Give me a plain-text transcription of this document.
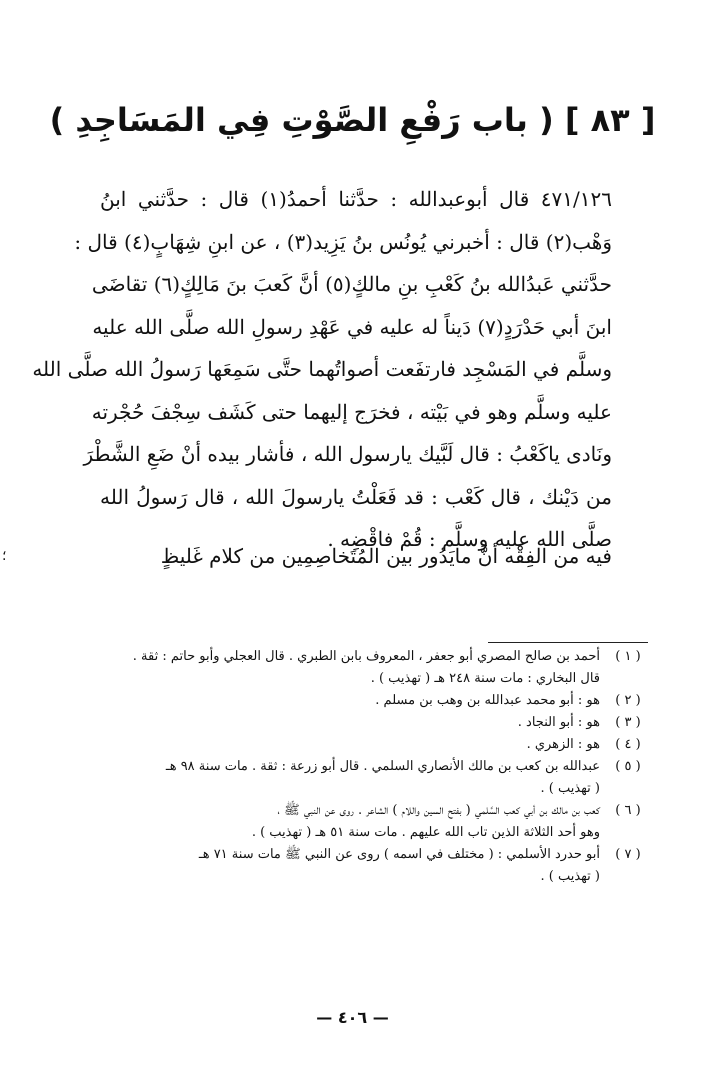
[ ٨٣ ] ( باب رَفْعِ الصَّوْتِ فِي المَسَاجِدِ )
٤٧١/١٢٦ قال أبوعبدالله : حدَّثنا أحمدُ(١) قال : حدَّثني ابنُ
وَهْب(٢) قال : أخبرني يُونُس بنُ يَزِيد(٣) ، عن ابنِ شِهَابٍ(٤) قال :
حدَّثني عَبدُالله بنُ كَعْبِ بنِ مالكٍ(٥) أنَّ كَعبَ بنَ مَالِكٍ(٦) تقاضَى
ابنَ أبي حَدْرَدٍ(٧) دَيناً له عليه في عَهْدِ رسولِ الله صلَّى الله عليه
وسلَّم في المَسْجِد فارتفَعت أصواتُهما حتَّى سَمِعَها رَسولُ الله صلَّى الله
عليه وسلَّم وهو في بَيْته ، فخرَج إليهما حتى كَشَف سِجْفَ حُجْرته
ونَادى ياكَعْبُ : قال لَبَّيك يارسول الله ، فأشار بيده أنْ ضَعِ الشَّطْرَ
من دَيْنك ، قال كَعْب : قد فَعَلْتُ يارسولَ الله ، قال رَسولُ الله
صلَّى الله عليه وسلَّم : قُمْ فاقْضِه .
فيه من الفِقْه أنَّ مايَدُور بين المُتَخاصِمِين من كلام غَليظٍ
؛
( ١ )
أحمد بن صالح المصري أبو جعفر ، المعروف بابن الطبري . قال العجلي وأبو حاتم : ثقة .
قال البخاري : مات سنة ٢٤٨ هـ ( تهذيب ) .
( ٢ )
هو : أبو محمد عبدالله بن وهب بن مسلم .
( ٣ )
هو : أبو النجاد .
( ٤ )
هو : الزهري .
( ٥ )
عبدالله بن كعب بن مالك الأنصاري السلمي . قال أبو زرعة : ثقة . مات سنة ٩٨ هـ
( تهذيب ) .
( ٦ )
كعب بن مالك بن أبي كعب السَّلمي ( بفتح السين واللام ) الشاعر . روى عن النبي ﷺ ،
وهو أحد الثلاثة الذين تاب الله عليهم . مات سنة ٥١ هـ ( تهذيب ) .
( ٧ )
أبو حدرد الأسلمي : ( مختلف في اسمه ) روى عن النبي ﷺ مات سنة ٧١ هـ
( تهذيب ) .
— ٤٠٦ —
